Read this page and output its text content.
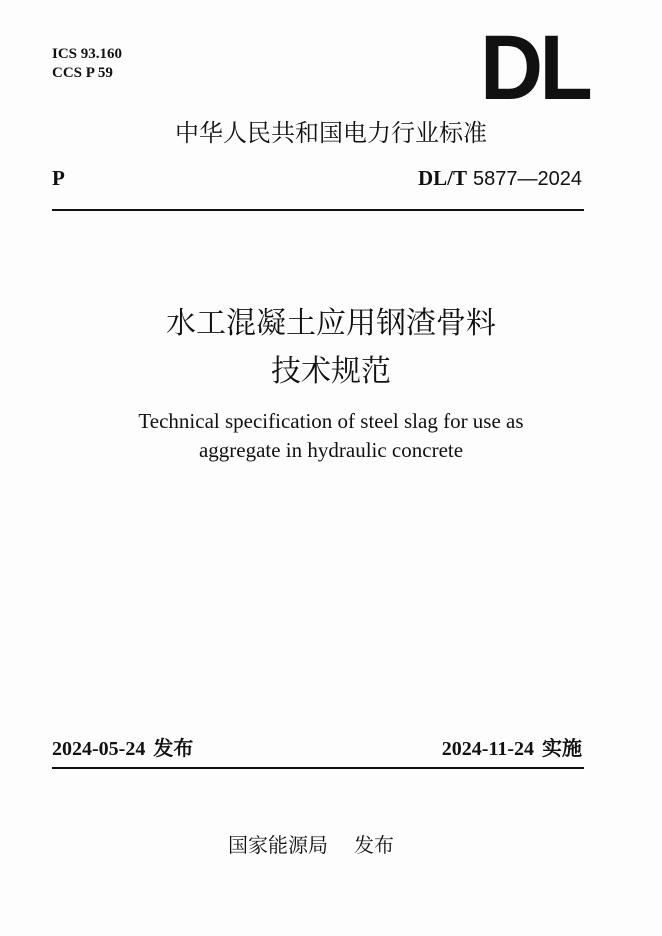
ICS 93.160
CCS P 59	DL
中华人民共和国电力行业标准
P	DL/T 5877—2024
水工混凝土应用钢渣骨料
技术规范
Technical specification of steel slag for use as
aggregate in hydraulic concrete
2024-05-24 发布	2024-11-24 实施
国家能源局 发布
